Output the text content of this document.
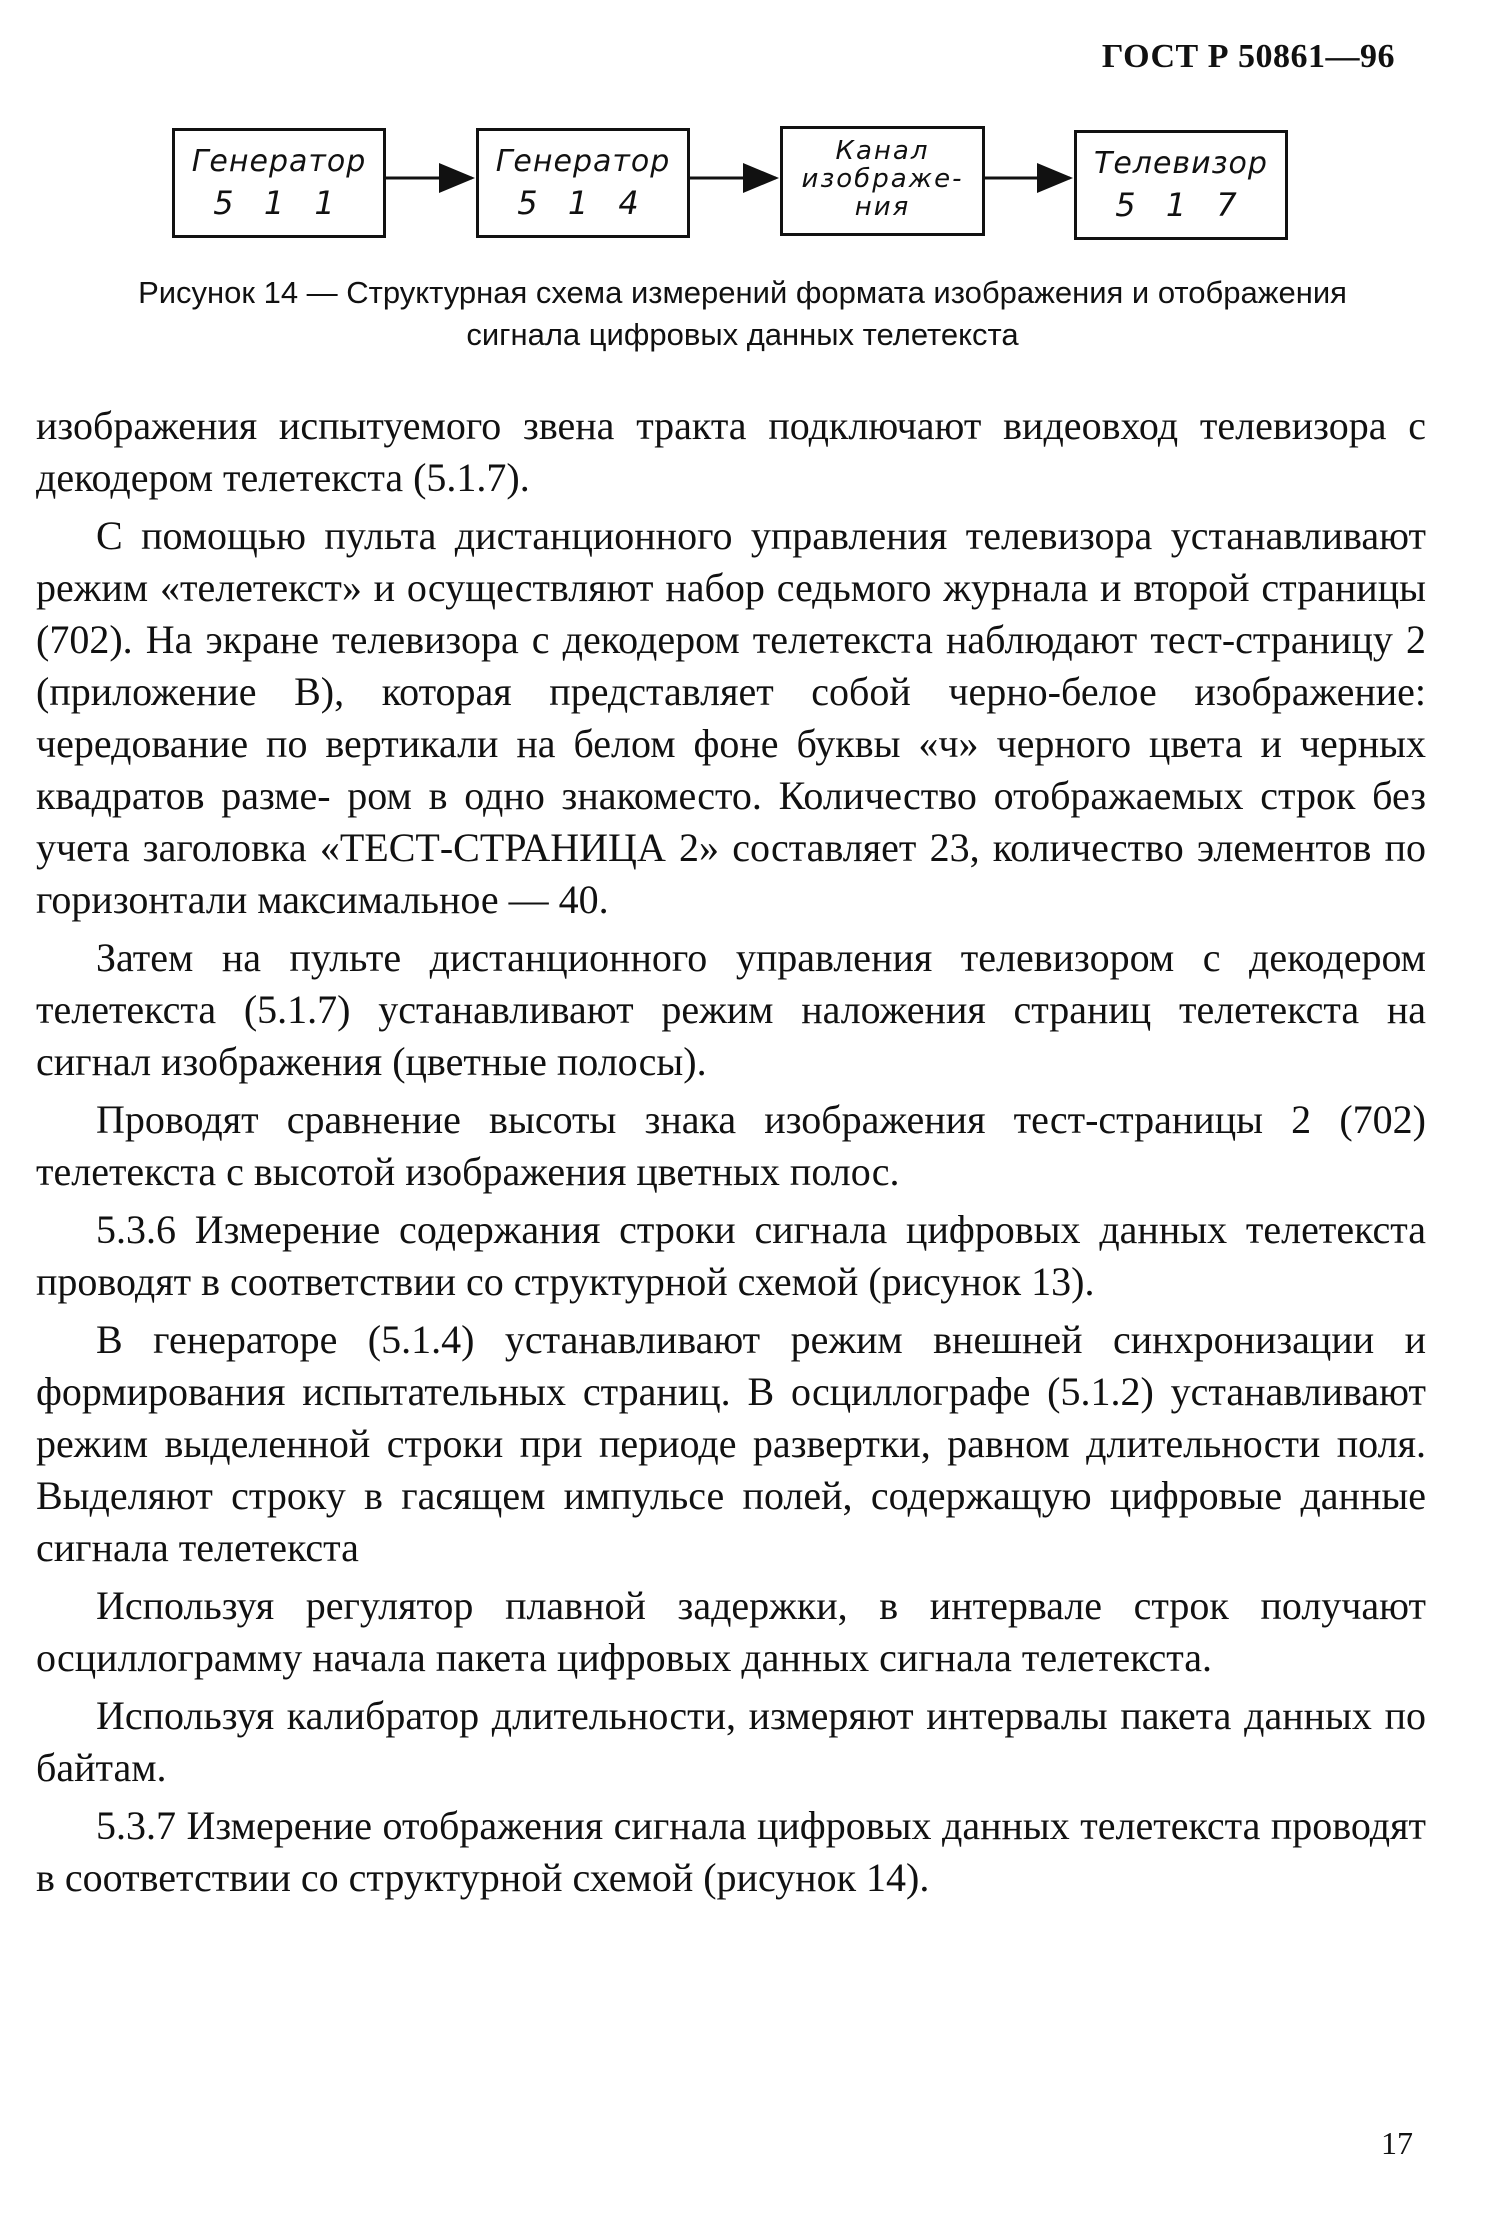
ГОСТ Р 50861—96
Генератор
5 1 1
Генератор
5 1 4
Канал
изображе-
ния
Телевизор
5 1 7
Рисунок 14 — Структурная схема измерений формата изображения и отображения
сигнала цифровых данных телетекста

изображения испытуемого звена тракта подключают видеовход телевизора с декодером телетекста (5.1.7).

С помощью пульта дистанционного управления телевизора устанавливают режим «телетекст» и осуществляют набор седьмого журнала и второй страницы (702). На экране телевизора с декодером телетекста наблюдают тест-страницу 2 (приложение В), которая представляет собой черно-белое изображение: чередование по вертикали на белом фоне буквы «ч» черного цвета и черных квадратов разме- ром в одно знакоместо. Количество отображаемых строк без учета заголовка «ТЕСТ-СТРАНИЦА 2» составляет 23, количество элементов по горизонтали максимальное — 40.

Затем на пульте дистанционного управления телевизором с декодером телетекста (5.1.7) устанавливают режим наложения страниц телетекста на сигнал изображения (цветные полосы).

Проводят сравнение высоты знака изображения тест-страницы 2 (702) телетекста с высотой изображения цветных полос.

5.3.6 Измерение содержания строки сигнала цифровых данных телетекста проводят в соответствии со структурной схемой (рисунок 13).

В генераторе (5.1.4) устанавливают режим внешней синхронизации и формирования испытательных страниц. В осциллографе (5.1.2) устанавливают режим выделенной строки при периоде развертки, равном длительности поля. Выделяют строку в гасящем импульсе полей, содержащую цифровые данные сигнала телетекста

Используя регулятор плавной задержки, в интервале строк получают осциллограмму начала пакета цифровых данных сигнала телетекста.

Используя калибратор длительности, измеряют интервалы пакета данных по байтам.

5.3.7 Измерение отображения сигнала цифровых данных телетекста проводят в соответствии со структурной схемой (рисунок 14).

17
